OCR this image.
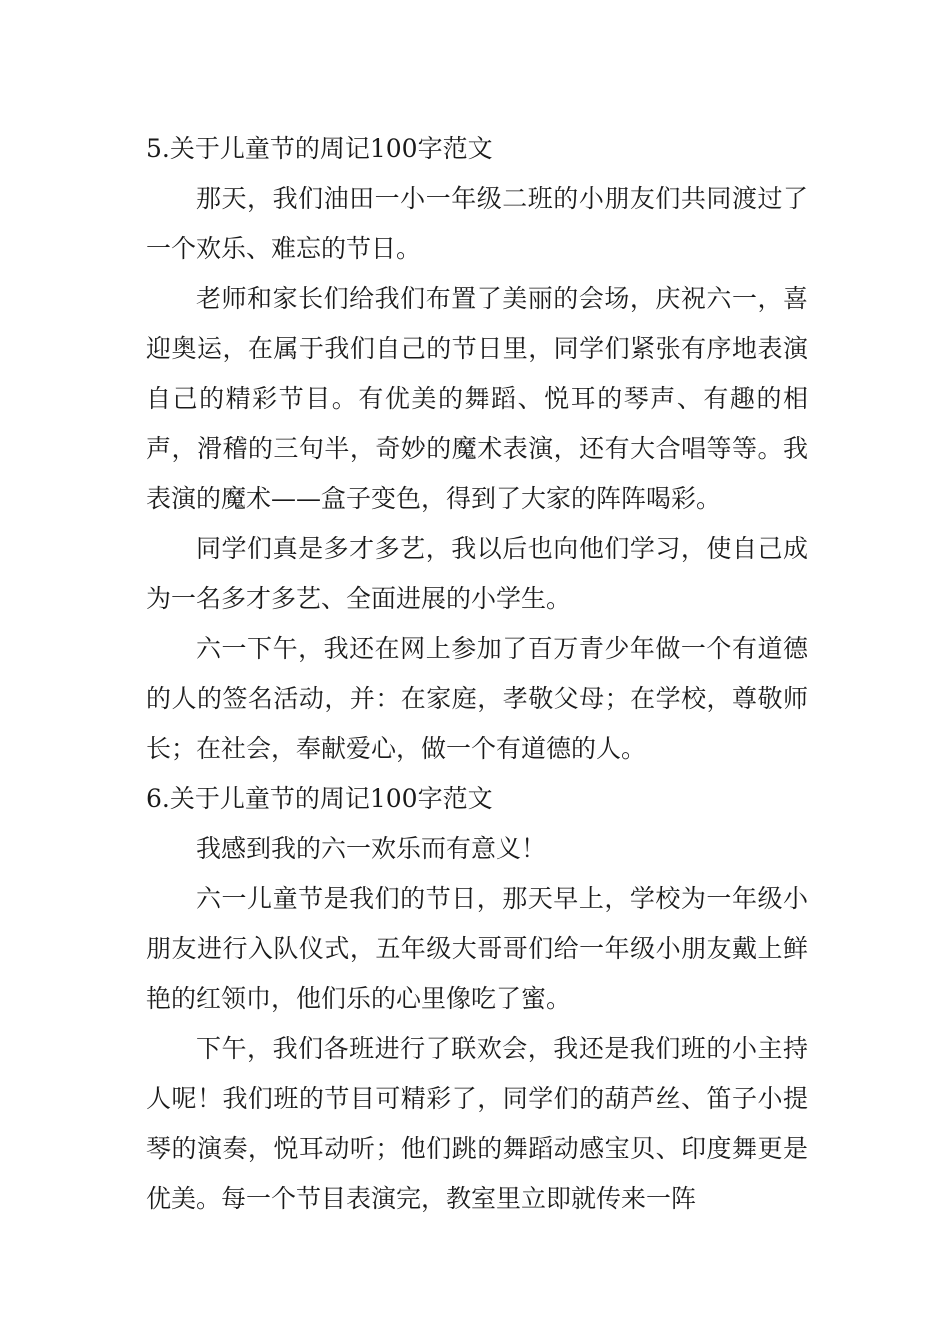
5.关于儿童节的周记100字范文

那天，我们油田一小一年级二班的小朋友们共同渡过了一个欢乐、难忘的节日。

老师和家长们给我们布置了美丽的会场，庆祝六一，喜迎奥运，在属于我们自己的节日里，同学们紧张有序地表演自己的精彩节目。有优美的舞蹈、悦耳的琴声、有趣的相声，滑稽的三句半，奇妙的魔术表演，还有大合唱等等。我表演的魔术——盒子变色，得到了大家的阵阵喝彩。

同学们真是多才多艺，我以后也向他们学习，使自己成为一名多才多艺、全面进展的小学生。

六一下午，我还在网上参加了百万青少年做一个有道德的人的签名活动，并：在家庭，孝敬父母；在学校，尊敬师长；在社会，奉献爱心，做一个有道德的人。

6.关于儿童节的周记100字范文

我感到我的六一欢乐而有意义！

六一儿童节是我们的节日，那天早上，学校为一年级小朋友进行入队仪式，五年级大哥哥们给一年级小朋友戴上鲜艳的红领巾，他们乐的心里像吃了蜜。

下午，我们各班进行了联欢会，我还是我们班的小主持人呢！我们班的节目可精彩了，同学们的葫芦丝、笛子小提琴的演奏，悦耳动听；他们跳的舞蹈动感宝贝、印度舞更是优美。每一个节目表演完，教室里立即就传来一阵
